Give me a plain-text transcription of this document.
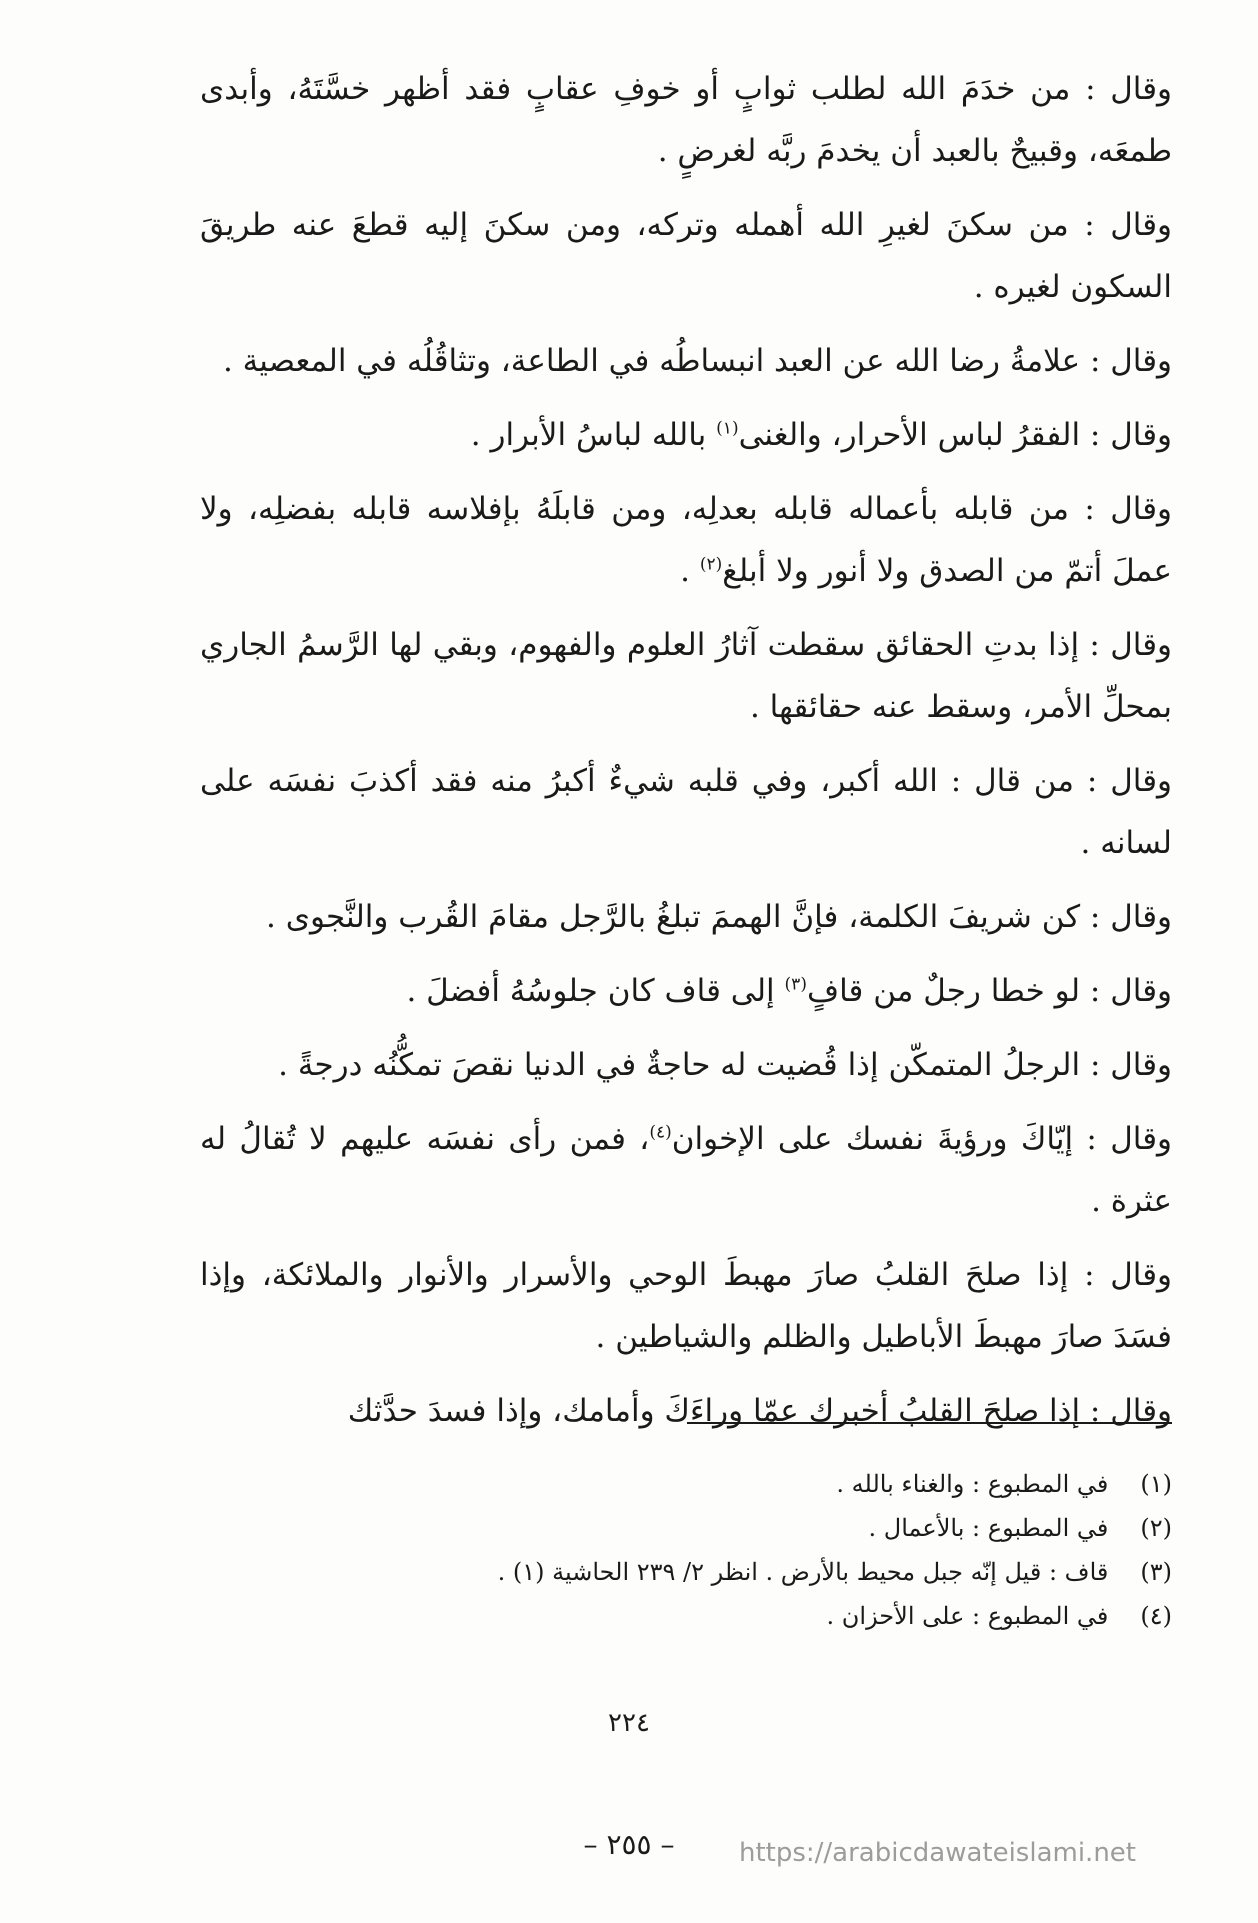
وقال : من خدَمَ الله لطلب ثوابٍ أو خوفِ عقابٍ فقد أظهر خسَّتَهُ، وأبدى طمعَه، وقبيحٌ بالعبد أن يخدمَ ربَّه لغرضٍ .

وقال : من سكنَ لغيرِ الله أهمله وتركه، ومن سكنَ إليه قطعَ عنه طريقَ السكون لغيره .

وقال : علامةُ رضا الله عن العبد انبساطُه في الطاعة، وتثاقُلُه في المعصية .

وقال : الفقرُ لباس الأحرار، والغنى$^{(١)}$ بالله لباسُ الأبرار .

وقال : من قابله بأعماله قابله بعدلِه، ومن قابلَهُ بإفلاسه قابله بفضلِه، ولا عملَ أتمّ من الصدق ولا أنور ولا أبلغ$^{(٢)}$ .

وقال : إذا بدتِ الحقائق سقطت آثارُ العلوم والفهوم، وبقي لها الرَّسمُ الجاري بمحلِّ الأمر، وسقط عنه حقائقها .

وقال : من قال : الله أكبر، وفي قلبه شيءٌ أكبرُ منه فقد أكذبَ نفسَه على لسانه .

وقال : كن شريفَ الكلمة، فإنَّ الهممَ تبلغُ بالرَّجل مقامَ القُرب والنَّجوى .

وقال : لو خطا رجلٌ من قافٍ$^{(٣)}$ إلى قاف كان جلوسُهُ أفضلَ .

وقال : الرجلُ المتمكّن إذا قُضيت له حاجةٌ في الدنيا نقصَ تمكُّنُه درجةً .

وقال : إيّاكَ ورؤيةَ نفسك على الإخوان$^{(٤)}$، فمن رأى نفسَه عليهم لا تُقالُ له عثرة .

وقال : إذا صلحَ القلبُ صارَ مهبطَ الوحي والأسرار والأنوار والملائكة، وإذا فسَدَ صارَ مهبطَ الأباطيل والظلم والشياطين .

وقال : إذا صلحَ القلبُ أخبرك عمّا وراءَكَ وأمامك، وإذا فسدَ حدَّثك

(١) في المطبوع : والغناء بالله .
(٢) في المطبوع : بالأعمال .
(٣) قاف : قيل إنّه جبل محيط بالأرض . انظر ٢/ ٢٣٩ الحاشية (١) .
(٤) في المطبوع : على الأحزان .
٢٢٤
– ٢٥٥ –	https://arabicdawateislami.net
